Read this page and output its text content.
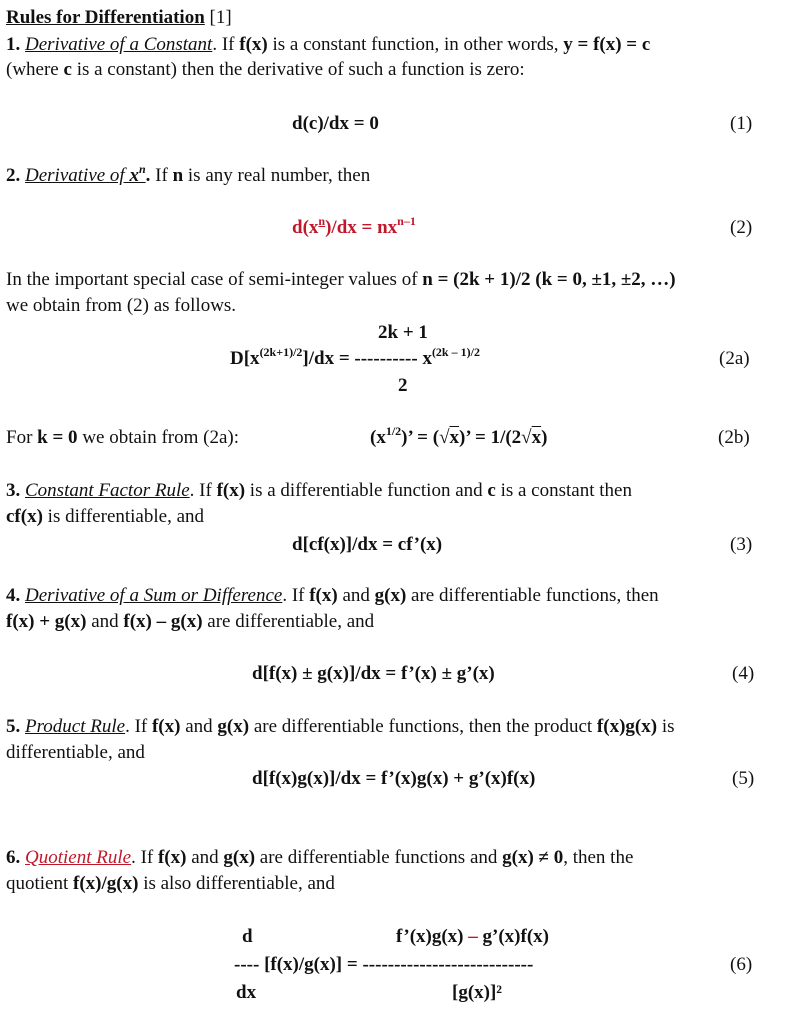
Rules for Differentiation [1]
1. Derivative of a Constant. If f(x) is a constant function, in other words, y = f(x) = c
(where c is a constant) then the derivative of such a function is zero:
d(c)/dx = 0	(1)
2. Derivative of $x^n$. If n is any real number, then
$d(x^n)/dx = nx^{n-1}$	(2)
In the important special case of semi-integer values of n = (2k + 1)/2 (k = 0, ±1, ±2, …)
we obtain from (2) as follows.
2k + 1
$D[x^{(2k+1)/2}]/dx$ = ---------- $x^{(2k - 1)/2}$	(2a)
2
For k = 0 we obtain from (2a):	$(x^{1/2})$’ = (√x)’ = 1/(2√x)	(2b)
3. Constant Factor Rule. If f(x) is a differentiable function and c is a constant then
cf(x) is differentiable, and
d[cf(x)]/dx = cf’(x)	(3)
4. Derivative of a Sum or Difference. If f(x) and g(x) are differentiable functions, then
f(x) + g(x) and f(x) – g(x) are differentiable, and
d[f(x) ± g(x)]/dx = f’(x) ± g’(x)	(4)
5. Product Rule. If f(x) and g(x) are differentiable functions, then the product f(x)g(x) is
differentiable, and
d[f(x)g(x)]/dx = f’(x)g(x) + g’(x)f(x)	(5)
6. Quotient Rule. If f(x) and g(x) are differentiable functions and g(x) ≠ 0, then the
quotient f(x)/g(x) is also differentiable, and
d	f’(x)g(x) – g’(x)f(x)
---- [f(x)/g(x)] = ---------------------------	(6)
dx	[g(x)]²
